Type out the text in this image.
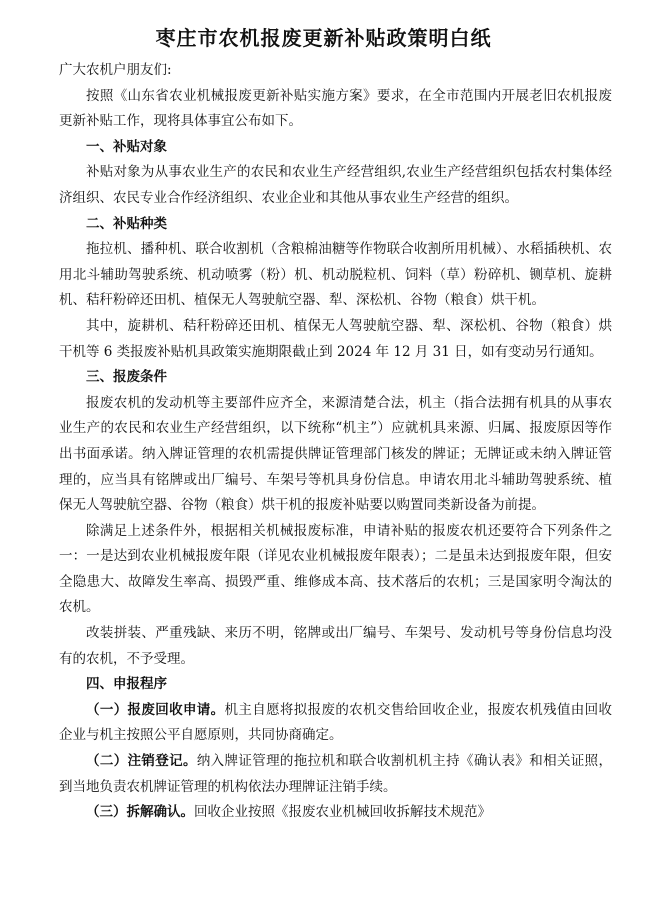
枣庄市农机报废更新补贴政策明白纸

广大农机户朋友们:

按照《山东省农业机械报废更新补贴实施方案》要求，在全市范围内开展老旧农机报废更新补贴工作，现将具体事宜公布如下。

一、补贴对象

补贴对象为从事农业生产的农民和农业生产经营组织,农业生产经营组织包括农村集体经济组织、农民专业合作经济组织、农业企业和其他从事农业生产经营的组织。

二、补贴种类

拖拉机、播种机、联合收割机（含粮棉油糖等作物联合收割所用机械）、水稻插秧机、农用北斗辅助驾驶系统、机动喷雾（粉）机、机动脱粒机、饲料（草）粉碎机、铡草机、旋耕机、秸秆粉碎还田机、植保无人驾驶航空器、犁、深松机、谷物（粮食）烘干机。

其中，旋耕机、秸秆粉碎还田机、植保无人驾驶航空器、犁、深松机、谷物（粮食）烘干机等 6 类报废补贴机具政策实施期限截止到 2024 年 12 月 31 日，如有变动另行通知。

三、报废条件

报废农机的发动机等主要部件应齐全，来源清楚合法，机主（指合法拥有机具的从事农业生产的农民和农业生产经营组织，以下统称“机主”）应就机具来源、归属、报废原因等作出书面承诺。纳入牌证管理的农机需提供牌证管理部门核发的牌证；无牌证或未纳入牌证管理的，应当具有铭牌或出厂编号、车架号等机具身份信息。申请农用北斗辅助驾驶系统、植保无人驾驶航空器、谷物（粮食）烘干机的报废补贴要以购置同类新设备为前提。

除满足上述条件外，根据相关机械报废标准，申请补贴的报废农机还要符合下列条件之一：一是达到农业机械报废年限（详见农业机械报废年限表）；二是虽未达到报废年限，但安全隐患大、故障发生率高、损毁严重、维修成本高、技术落后的农机；三是国家明令淘汰的农机。

改装拼装、严重残缺、来历不明，铭牌或出厂编号、车架号、发动机号等身份信息均没有的农机，不予受理。

四、申报程序

（一）报废回收申请。机主自愿将拟报废的农机交售给回收企业，报废农机残值由回收企业与机主按照公平自愿原则，共同协商确定。

（二）注销登记。纳入牌证管理的拖拉机和联合收割机机主持《确认表》和相关证照，到当地负责农机牌证管理的机构依法办理牌证注销手续。

（三）拆解确认。回收企业按照《报废农业机械回收拆解技术规范》
